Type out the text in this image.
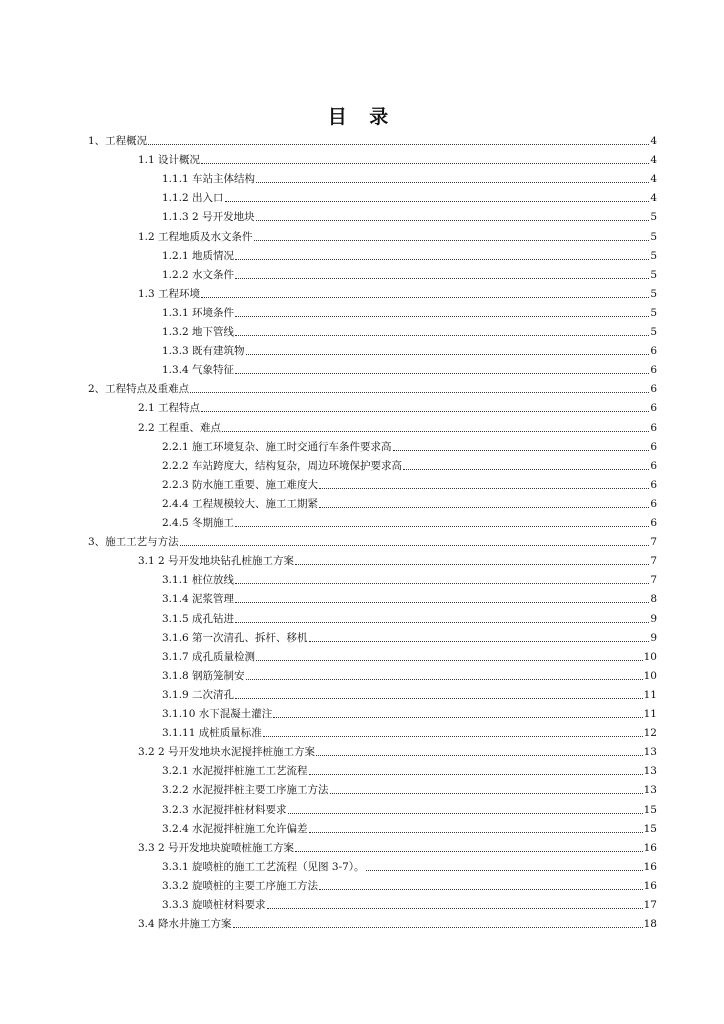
目 录
1、工程概况	4
1.1 设计概况	4
1.1.1 车站主体结构	4
1.1.2 出入口	4
1.1.3 2 号开发地块	5
1.2 工程地质及水文条件	5
1.2.1 地质情况	5
1.2.2 水文条件	5
1.3 工程环境	5
1.3.1 环境条件	5
1.3.2 地下管线	5
1.3.3 既有建筑物	6
1.3.4 气象特征	6
2、工程特点及重难点	6
2.1 工程特点	6
2.2 工程重、难点	6
2.2.1 施工环境复杂、施工时交通行车条件要求高	6
2.2.2 车站跨度大，结构复杂，周边环境保护要求高	6
2.2.3 防水施工重要、施工难度大	6
2.4.4 工程规模较大、施工工期紧	6
2.4.5 冬期施工	6
3、施工工艺与方法	7
3.1 2 号开发地块钻孔桩施工方案	7
3.1.1 桩位放线	7
3.1.4 泥浆管理	8
3.1.5 成孔钻进	9
3.1.6 第一次清孔、拆杆、移机	9
3.1.7 成孔质量检测	10
3.1.8 钢筋笼制安	10
3.1.9 二次清孔	11
3.1.10 水下混凝土灌注	11
3.1.11 成桩质量标准	12
3.2 2 号开发地块水泥搅拌桩施工方案	13
3.2.1 水泥搅拌桩施工工艺流程	13
3.2.2 水泥搅拌桩主要工序施工方法	13
3.2.3 水泥搅拌桩材料要求	15
3.2.4 水泥搅拌桩施工允许偏差	15
3.3 2 号开发地块旋喷桩施工方案	16
3.3.1 旋喷桩的施工工艺流程（见图 3-7）。	16
3.3.2 旋喷桩的主要工序施工方法	16
3.3.3 旋喷桩材料要求	17
3.4 降水井施工方案	18
